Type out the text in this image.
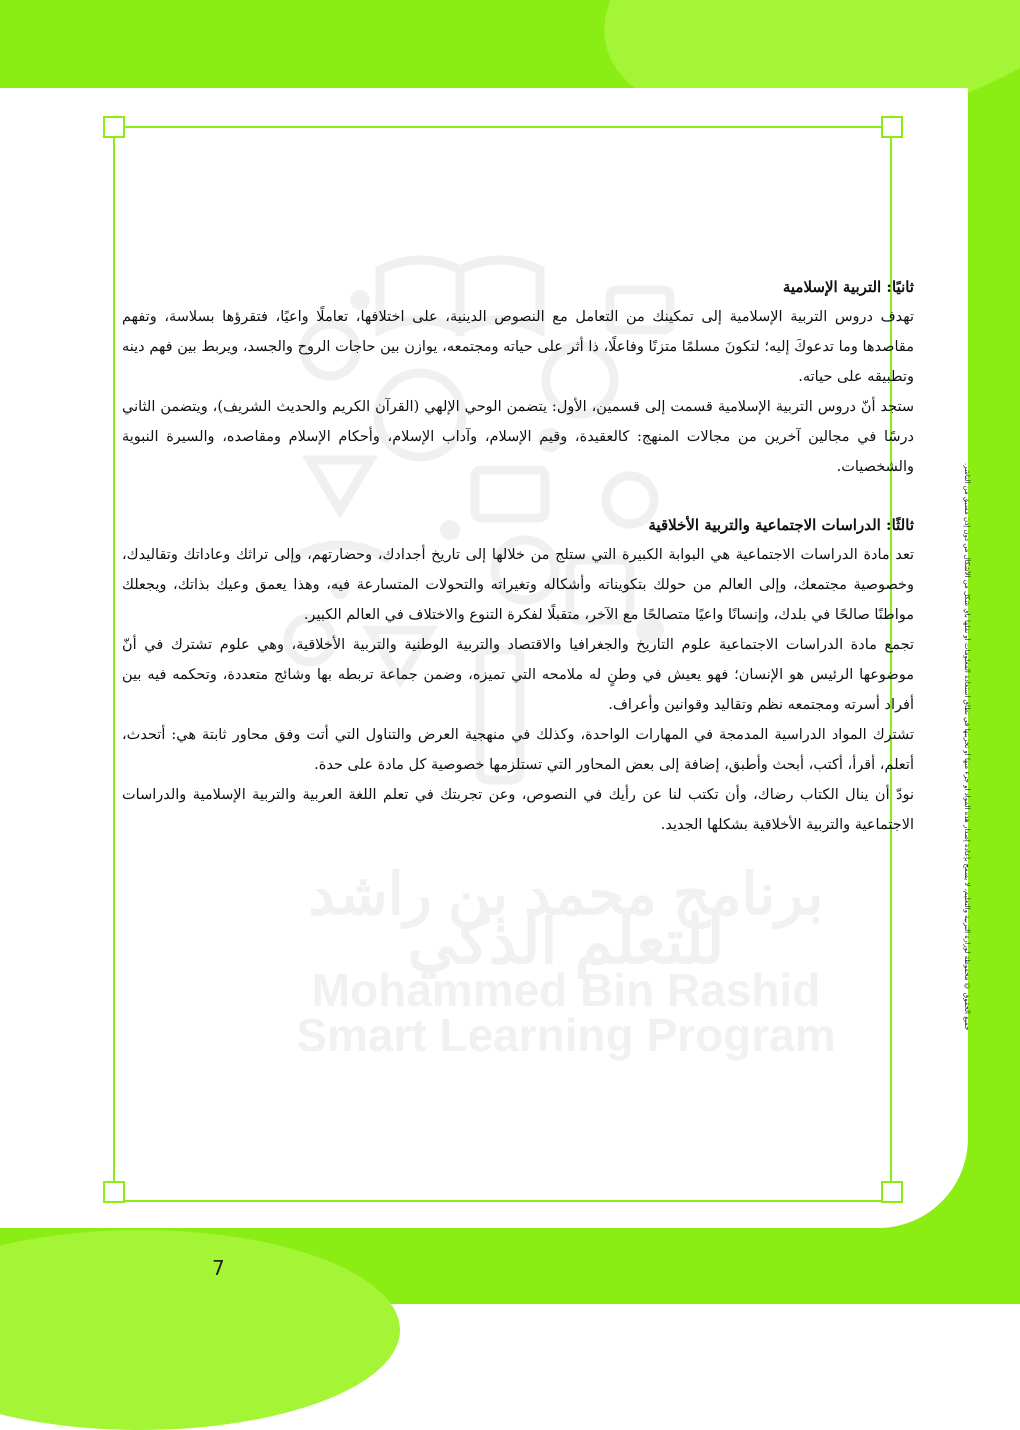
برنامج محمد بن راشد
للتعلم الذكي
Mohammed Bin Rashid
Smart Learning Program
ثانيًا: التربية الإسلامية

تهدف دروس التربية الإسلامية إلى تمكينك من التعامل مع النصوص الدينية، على اختلافها، تعاملًا واعيًا، فتقرؤها بسلاسة، وتفهم مقاصدها وما تدعوكَ إليه؛ لتكونَ مسلمًا متزنًا وفاعلًا، ذا أثر على حياته ومجتمعه، يوازن بين حاجات الروح والجسد، ويربط بين فهم دينه وتطبيقه على حياته.

ستجد أنّ دروس التربية الإسلامية قسمت إلى قسمين، الأول: يتضمن الوحي الإلهي (القرآن الكريم والحديث الشريف)، ويتضمن الثاني درسًا في مجالين آخرين من مجالات المنهج: كالعقيدة، وقيم الإسلام، وآداب الإسلام، وأحكام الإسلام ومقاصده، والسيرة النبوية والشخصيات.

ثالثًا: الدراسات الاجتماعية والتربية الأخلاقية

تعد مادة الدراسات الاجتماعية هي البوابة الكبيرة التي ستلج من خلالها إلى تاريخ أجدادك، وحضارتهم، وإلى تراثك وعاداتك وتقاليدك، وخصوصية مجتمعك، وإلى العالم من حولك بتكويناته وأشكاله وتغيراته والتحولات المتسارعة فيه، وهذا يعمق وعيك بذاتك، ويجعلك مواطنًا صالحًا في بلدك، وإنسانًا واعيًا متصالحًا مع الآخر، متقبلًا لفكرة التنوع والاختلاف في العالم الكبير.

تجمع مادة الدراسات الاجتماعية علوم التاريخ والجغرافيا والاقتصاد والتربية الوطنية والتربية الأخلاقية، وهي علوم تشترك في أنّ موضوعها الرئيس هو الإنسان؛ فهو يعيش في وطنٍ له ملامحه التي تميزه، وضمن جماعة تربطه بها وشائج متعددة، وتحكمه فيه بين أفراد أسرته ومجتمعه نظم وتقاليد وقوانين وأعراف.

تشترك المواد الدراسية المدمجة في المهارات الواحدة، وكذلك في منهجية العرض والتناول التي أتت وفق محاور ثابتة هي: أتحدث، أتعلم، أقرأ، أكتب، أبحث وأطبق، إضافة إلى بعض المحاور التي تستلزمها خصوصية كل مادة على حدة.

نودّ أن ينال الكتاب رضاك، وأن تكتب لنا عن رأيك في النصوص، وعن تجربتك في تعلم اللغة العربية والتربية الإسلامية والدراسات الاجتماعية والتربية الأخلاقية بشكلها الجديد.	جميع الحقوق © محفوظة لوزارة التربية والتعليم، لا يسمح بإعادة إصدار هذه المواد أو جزء منها أو تخزينها في نطاق استعادة المعلومات أو نقلها بأي شكل من الأشكال من دون إذن مسبق من الناشر.
7
